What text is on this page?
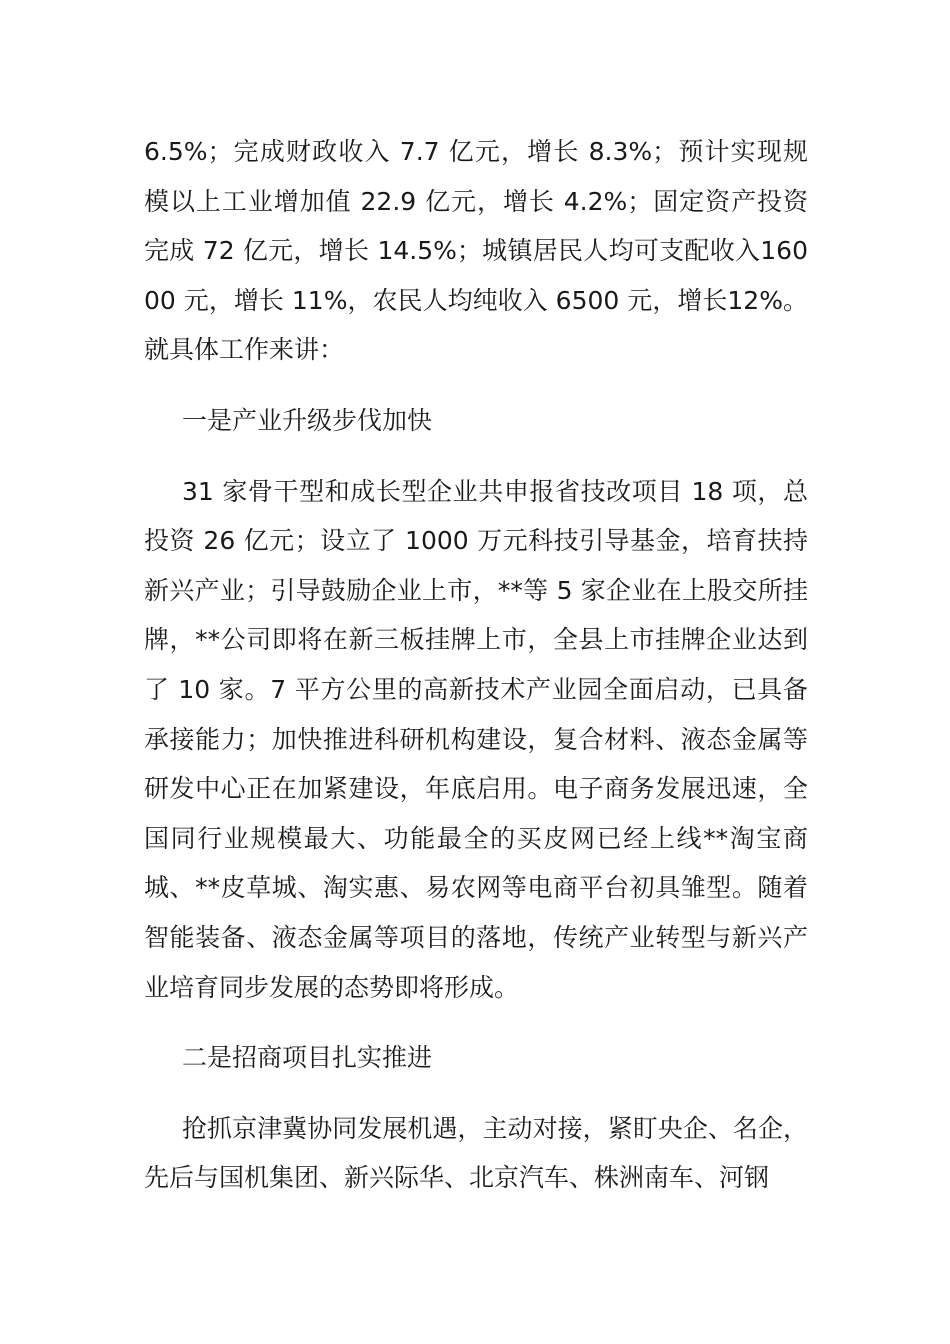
6.5%；完成财政收入 7.7 亿元，增长 8.3%；预计实现规模以上工业增加值 22.9 亿元，增长 4.2%；固定资产投资完成 72 亿元，增长 14.5%；城镇居民人均可支配收入16000 元，增长 11%，农民人均纯收入 6500 元，增长12%。就具体工作来讲：

一是产业升级步伐加快

31 家骨干型和成长型企业共申报省技改项目 18 项，总投资 26 亿元；设立了 1000 万元科技引导基金，培育扶持新兴产业；引导鼓励企业上市，**等 5 家企业在上股交所挂牌，**公司即将在新三板挂牌上市，全县上市挂牌企业达到了 10 家。7 平方公里的高新技术产业园全面启动，已具备承接能力；加快推进科研机构建设，复合材料、液态金属等研发中心正在加紧建设，年底启用。电子商务发展迅速，全国同行业规模最大、功能最全的买皮网已经上线**淘宝商城、**皮草城、淘实惠、易农网等电商平台初具雏型。随着智能装备、液态金属等项目的落地，传统产业转型与新兴产业培育同步发展的态势即将形成。

二是招商项目扎实推进

抢抓京津冀协同发展机遇，主动对接，紧盯央企、名企，先后与国机集团、新兴际华、北京汽车、株洲南车、河钢
